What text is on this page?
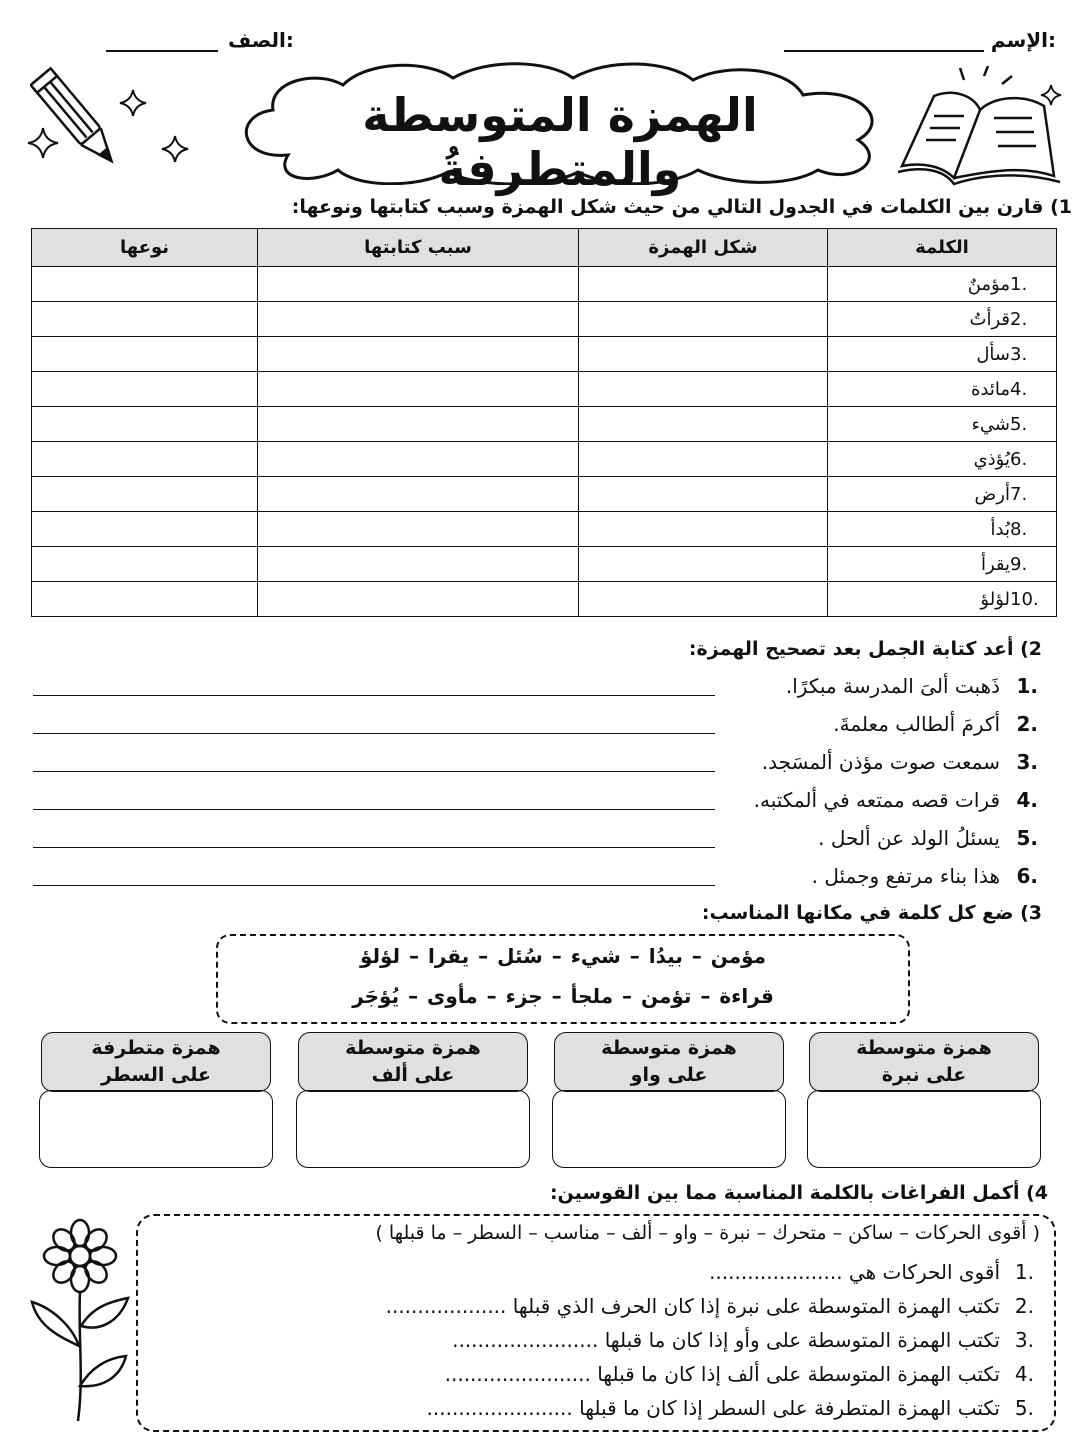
الإسم:
الصف:
الهمزة المتوسطة والمتطرفةُ
1) قارن بين الكلمات في الجدول التالي من حيث شكل الهمزة وسبب كتابتها ونوعها:
الكلمة	شكل الهمزة	سبب كتابتها	نوعها
.1مؤمنٌ			
.2قرأتُ			
.3سأل			
.4مائدة			
.5شيء			
.6يُؤذي			
.7أرض			
.8بُدأ			
.9يقرأ			
.10لؤلؤ			
2) أعد كتابة الجمل بعد تصحيح الهمزة:
.1
ذَهبت ألىَ المدرسة مبكرًا.
.2
أكرمَ ألطالب معلمةَ.
.3
سمعت صوت مؤذن ألمسَجد.
.4
قرات قصه ممتعه في ألمكتبه.
.5
يسئلُ الولد عن ألحل .
.6
هذا بناء مرتفع وجمئل .
3) ضع كل كلمة في مكانها المناسب:
مؤمن – بيدُا – شيء – سُئل – يقرا – لؤلؤ
قراءة – تؤمن – ملجأ – جزء – مأوى – يُؤجَر
همزة متوسطة
على نبرة
همزة متوسطة
على واو
همزة متوسطة
على ألف
همزة متطرفة
على السطر
4) أكمل الفراغات بالكلمة المناسبة مما بين القوسين:
( أقوى الحركات – ساكن – متحرك – نبرة – واو – ألف – مناسب – السطر – ما قبلها )
.1أقوى الحركات هي .....................
.2تكتب الهمزة المتوسطة على نبرة إذا كان الحرف الذي قبلها ...................
.3تكتب الهمزة المتوسطة على وأو إذا كان ما قبلها .......................
.4تكتب الهمزة المتوسطة على ألف إذا كان ما قبلها .......................
.5تكتب الهمزة المتطرفة على السطر إذا كان ما قبلها .......................
